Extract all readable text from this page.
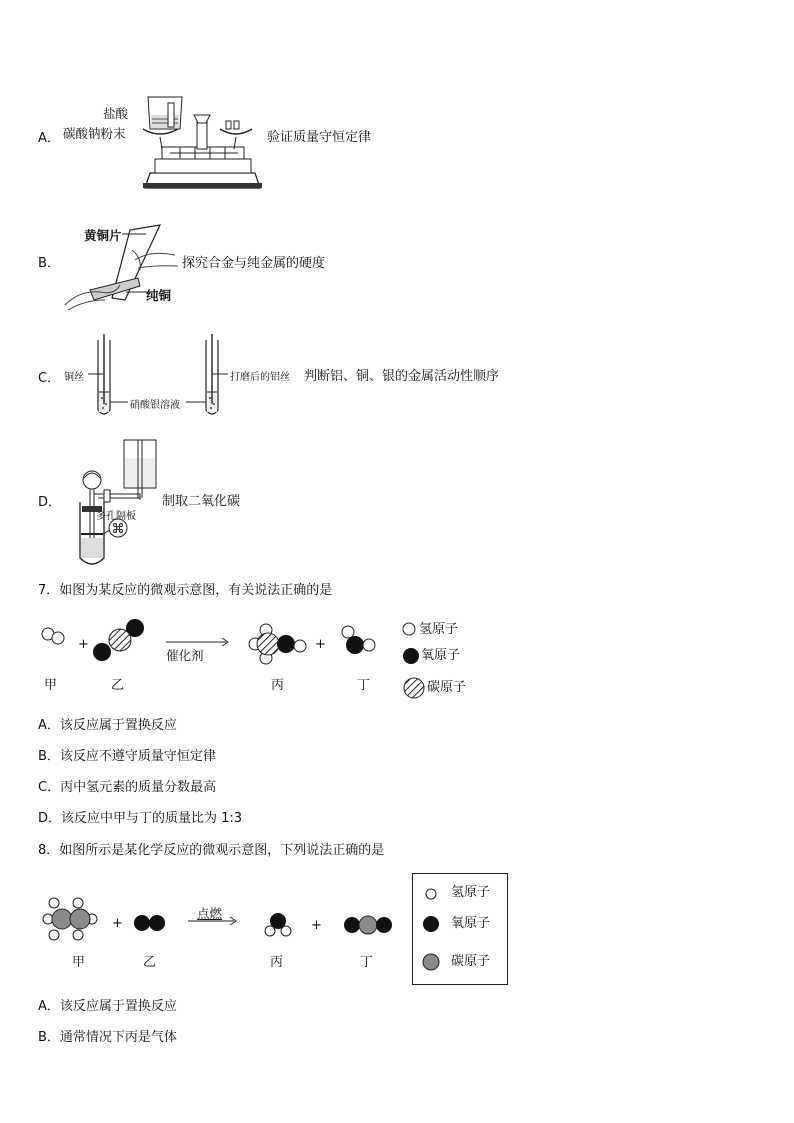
A．
盐酸
碳酸钠粉末	验证质量守恒定律
B．
黄铜片
纯铜
探究合金与纯金属的硬度
C． 铜丝
硝酸银溶液
打磨后的铝丝 判断铝、铜、银的金属活动性顺序
D．
多孔隔板
制取二氧化碳
7．如图为某反应的微观示意图，有关说法正确的是
+	+
催化剂
甲	乙	丙	丁
氢原子
氧原子
碳原子
A．该反应属于置换反应
B．该反应不遵守质量守恒定律
C．丙中氢元素的质量分数最高
D．该反应中甲与丁的质量比为 1:3
8．如图所示是某化学反应的微观示意图，下列说法正确的是
+	+
点燃
甲	乙	丙	丁
氢原子
氧原子
碳原子
A．该反应属于置换反应
B．通常情况下丙是气体
